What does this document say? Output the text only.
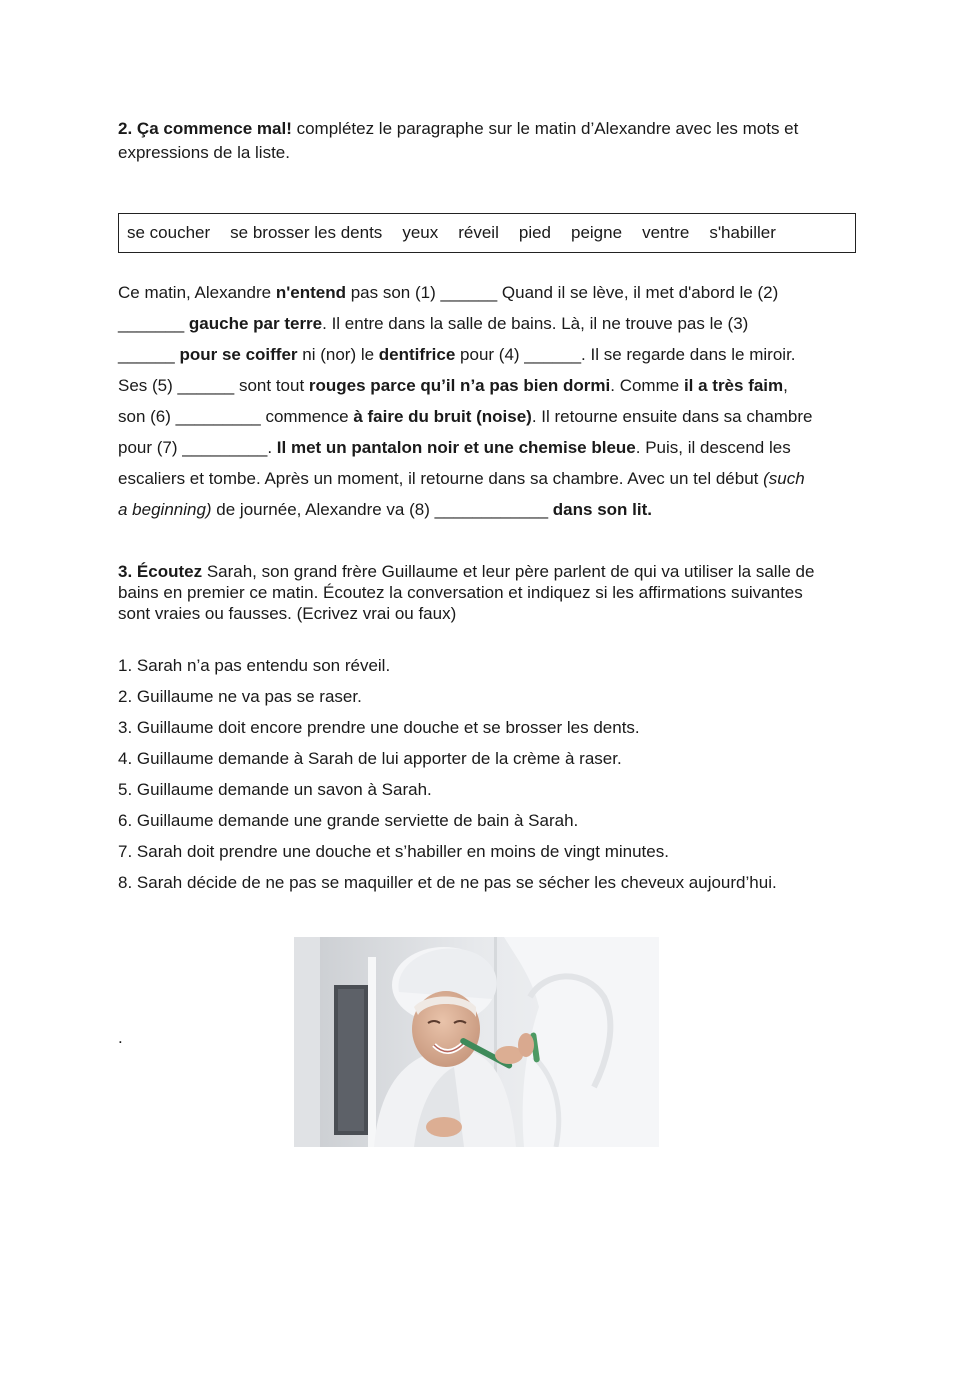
2. Ça commence mal! complétez le paragraphe sur le matin d’Alexandre avec les mots et
expressions de la liste.
se coucher se brosser les dents yeux réveil pied peigne ventre s'habiller
Ce matin, Alexandre n'entend pas son (1) ______ Quand il se lève, il met d'abord le (2)
_______ gauche par terre. Il entre dans la salle de bains. Là, il ne trouve pas le (3)
______ pour se coiffer ni (nor) le dentifrice pour (4) ______. Il se regarde dans le miroir.
Ses (5) ______ sont tout rouges parce qu’il n’a pas bien dormi. Comme il a très faim,
son (6) _________ commence à faire du bruit (noise). Il retourne ensuite dans sa chambre
pour (7) _________. Il met un pantalon noir et une chemise bleue. Puis, il descend les
escaliers et tombe. Après un moment, il retourne dans sa chambre. Avec un tel début (such
a beginning) de journée, Alexandre va (8) ____________ dans son lit.
3. Écoutez Sarah, son grand frère Guillaume et leur père parlent de qui va utiliser la salle de
bains en premier ce matin. Écoutez la conversation et indiquez si les affirmations suivantes
sont vraies ou fausses. (Ecrivez vrai ou faux)
1. Sarah n’a pas entendu son réveil.
2. Guillaume ne va pas se raser.
3. Guillaume doit encore prendre une douche et se brosser les dents.
4. Guillaume demande à Sarah de lui apporter de la crème à raser.
5. Guillaume demande un savon à Sarah.
6. Guillaume demande une grande serviette de bain à Sarah.
7. Sarah doit prendre une douche et s’habiller en moins de vingt minutes.
8. Sarah décide de ne pas se maquiller et de ne pas se sécher les cheveux aujourd’hui.
.
